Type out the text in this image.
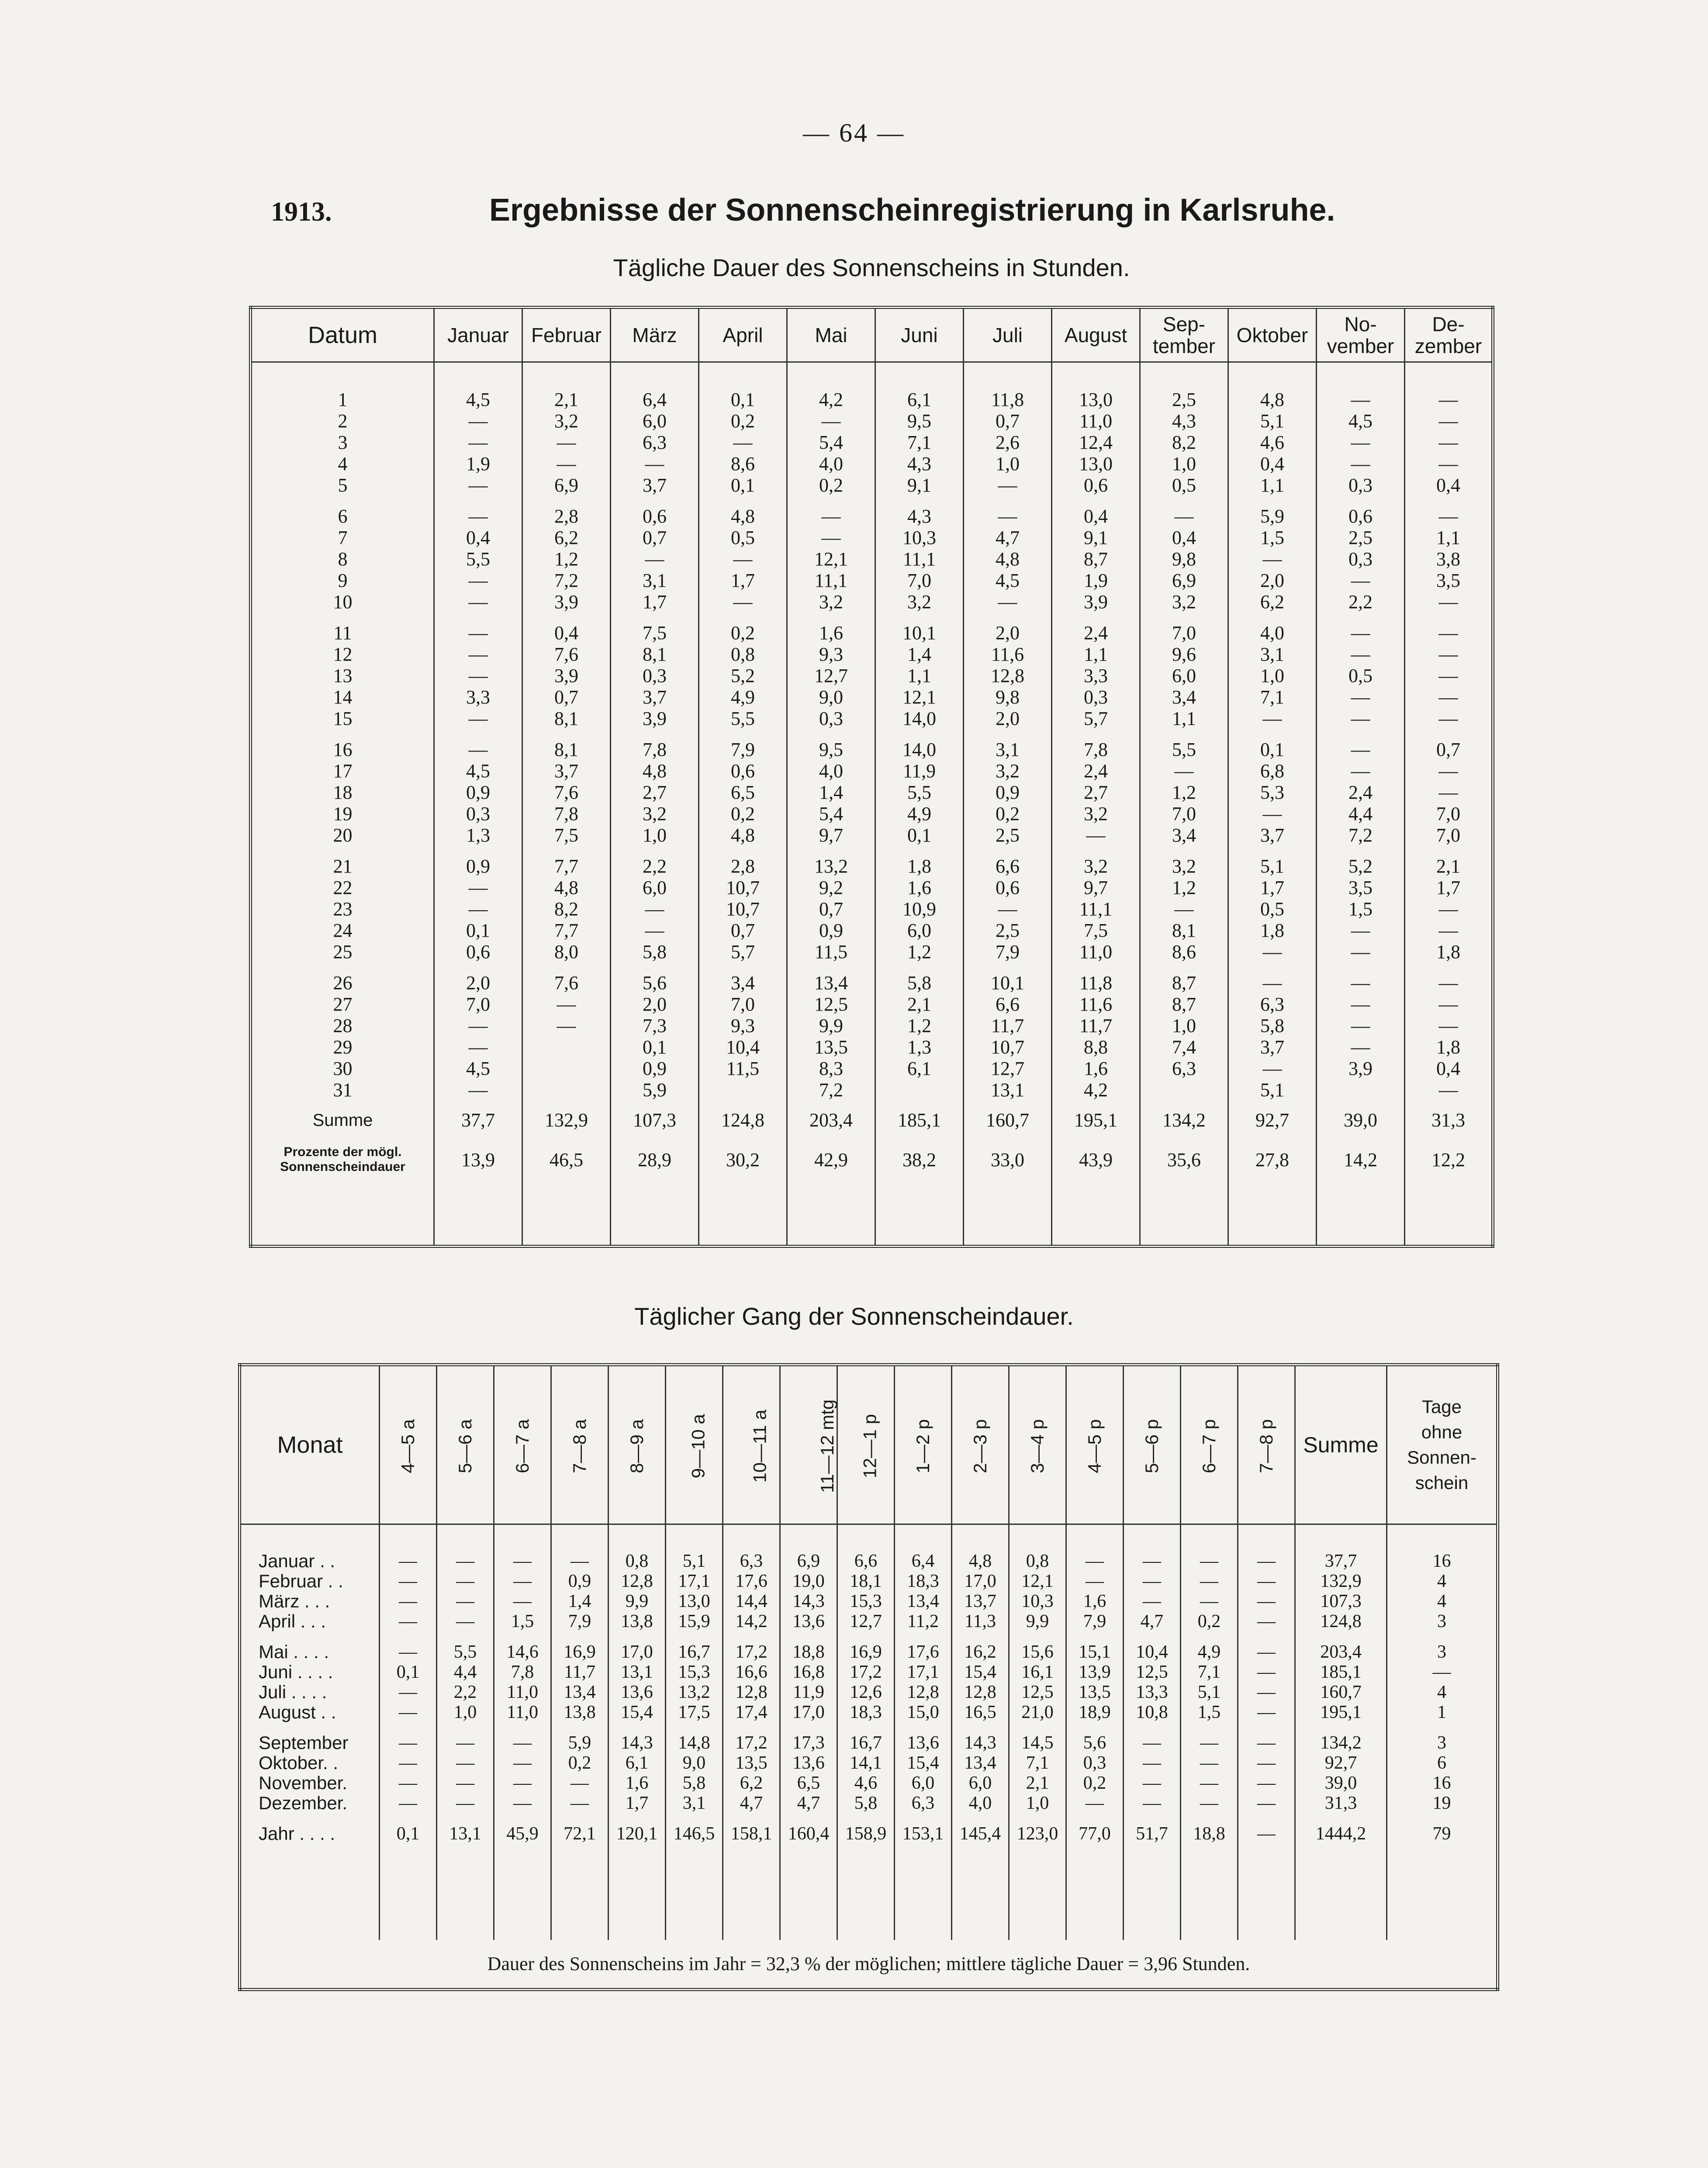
— 64 —
1913.	Ergebnisse der Sonnenscheinregistrierung in Karlsruhe.
Tägliche Dauer des Sonnenscheins in Stunden.
Datum	Januar	Februar	März	April	Mai	Juni	Juli	August	Sep-
tember	Oktober	No-
vember	De-
zember

1	4,5	2,1	6,4	0,1	4,2	6,1	11,8	13,0	2,5	4,8	—	—
2	—	3,2	6,0	0,2	—	9,5	0,7	11,0	4,3	5,1	4,5	—
3	—	—	6,3	—	5,4	7,1	2,6	12,4	8,2	4,6	—	—
4	1,9	—	—	8,6	4,0	4,3	1,0	13,0	1,0	0,4	—	—
5	—	6,9	3,7	0,1	0,2	9,1	—	0,6	0,5	1,1	0,3	0,4

6	—	2,8	0,6	4,8	—	4,3	—	0,4	—	5,9	0,6	—
7	0,4	6,2	0,7	0,5	—	10,3	4,7	9,1	0,4	1,5	2,5	1,1
8	5,5	1,2	—	—	12,1	11,1	4,8	8,7	9,8	—	0,3	3,8
9	—	7,2	3,1	1,7	11,1	7,0	4,5	1,9	6,9	2,0	—	3,5
10	—	3,9	1,7	—	3,2	3,2	—	3,9	3,2	6,2	2,2	—

11	—	0,4	7,5	0,2	1,6	10,1	2,0	2,4	7,0	4,0	—	—
12	—	7,6	8,1	0,8	9,3	1,4	11,6	1,1	9,6	3,1	—	—
13	—	3,9	0,3	5,2	12,7	1,1	12,8	3,3	6,0	1,0	0,5	—
14	3,3	0,7	3,7	4,9	9,0	12,1	9,8	0,3	3,4	7,1	—	—
15	—	8,1	3,9	5,5	0,3	14,0	2,0	5,7	1,1	—	—	—

16	—	8,1	7,8	7,9	9,5	14,0	3,1	7,8	5,5	0,1	—	0,7
17	4,5	3,7	4,8	0,6	4,0	11,9	3,2	2,4	—	6,8	—	—
18	0,9	7,6	2,7	6,5	1,4	5,5	0,9	2,7	1,2	5,3	2,4	—
19	0,3	7,8	3,2	0,2	5,4	4,9	0,2	3,2	7,0	—	4,4	7,0
20	1,3	7,5	1,0	4,8	9,7	0,1	2,5	—	3,4	3,7	7,2	7,0

21	0,9	7,7	2,2	2,8	13,2	1,8	6,6	3,2	3,2	5,1	5,2	2,1
22	—	4,8	6,0	10,7	9,2	1,6	0,6	9,7	1,2	1,7	3,5	1,7
23	—	8,2	—	10,7	0,7	10,9	—	11,1	—	0,5	1,5	—
24	0,1	7,7	—	0,7	0,9	6,0	2,5	7,5	8,1	1,8	—	—
25	0,6	8,0	5,8	5,7	11,5	1,2	7,9	11,0	8,6	—	—	1,8

26	2,0	7,6	5,6	3,4	13,4	5,8	10,1	11,8	8,7	—	—	—
27	7,0	—	2,0	7,0	12,5	2,1	6,6	11,6	8,7	6,3	—	—
28	—	—	7,3	9,3	9,9	1,2	11,7	11,7	1,0	5,8	—	—
29	—		0,1	10,4	13,5	1,3	10,7	8,8	7,4	3,7	—	1,8
30	4,5		0,9	11,5	8,3	6,1	12,7	1,6	6,3	—	3,9	0,4
31	—		5,9		7,2		13,1	4,2		5,1		—
Summe	37,7	132,9	107,3	124,8	203,4	185,1	160,7	195,1	134,2	92,7	39,0	31,3
Prozente der mögl.
Sonnenscheindauer	13,9	46,5	28,9	30,2	42,9	38,2	33,0	43,9	35,6	27,8	14,2	12,2

Täglicher Gang der Sonnenscheindauer.
Monat	4—5 a	5—6 a	6—7 a	7—8 a	8—9 a	9—10 a	10—11 a	11—12 mtg	12—1 p	1—2 p	2—3 p	3—4 p	4—5 p	5—6 p	6—7 p	7—8 p	Summe	Tage
ohne
Sonnen-
schein

Januar . .	—	—	—	—	0,8	5,1	6,3	6,9	6,6	6,4	4,8	0,8	—	—	—	—	37,7	16
Februar . .	—	—	—	0,9	12,8	17,1	17,6	19,0	18,1	18,3	17,0	12,1	—	—	—	—	132,9	4
März . . .	—	—	—	1,4	9,9	13,0	14,4	14,3	15,3	13,4	13,7	10,3	1,6	—	—	—	107,3	4
April . . .	—	—	1,5	7,9	13,8	15,9	14,2	13,6	12,7	11,2	11,3	9,9	7,9	4,7	0,2	—	124,8	3

Mai . . . .	—	5,5	14,6	16,9	17,0	16,7	17,2	18,8	16,9	17,6	16,2	15,6	15,1	10,4	4,9	—	203,4	3
Juni . . . .	0,1	4,4	7,8	11,7	13,1	15,3	16,6	16,8	17,2	17,1	15,4	16,1	13,9	12,5	7,1	—	185,1	—
Juli . . . .	—	2,2	11,0	13,4	13,6	13,2	12,8	11,9	12,6	12,8	12,8	12,5	13,5	13,3	5,1	—	160,7	4
August . .	—	1,0	11,0	13,8	15,4	17,5	17,4	17,0	18,3	15,0	16,5	21,0	18,9	10,8	1,5	—	195,1	1

September	—	—	—	5,9	14,3	14,8	17,2	17,3	16,7	13,6	14,3	14,5	5,6	—	—	—	134,2	3
Oktober. .	—	—	—	0,2	6,1	9,0	13,5	13,6	14,1	15,4	13,4	7,1	0,3	—	—	—	92,7	6
November.	—	—	—	—	1,6	5,8	6,2	6,5	4,6	6,0	6,0	2,1	0,2	—	—	—	39,0	16
Dezember.	—	—	—	—	1,7	3,1	4,7	4,7	5,8	6,3	4,0	1,0	—	—	—	—	31,3	19

Jahr . . . .	0,1	13,1	45,9	72,1	120,1	146,5	158,1	160,4	158,9	153,1	145,4	123,0	77,0	51,7	18,8	—	1444,2	79

Dauer des Sonnenscheins im Jahr = 32,3 % der möglichen; mittlere tägliche Dauer = 3,96 Stunden.																		
